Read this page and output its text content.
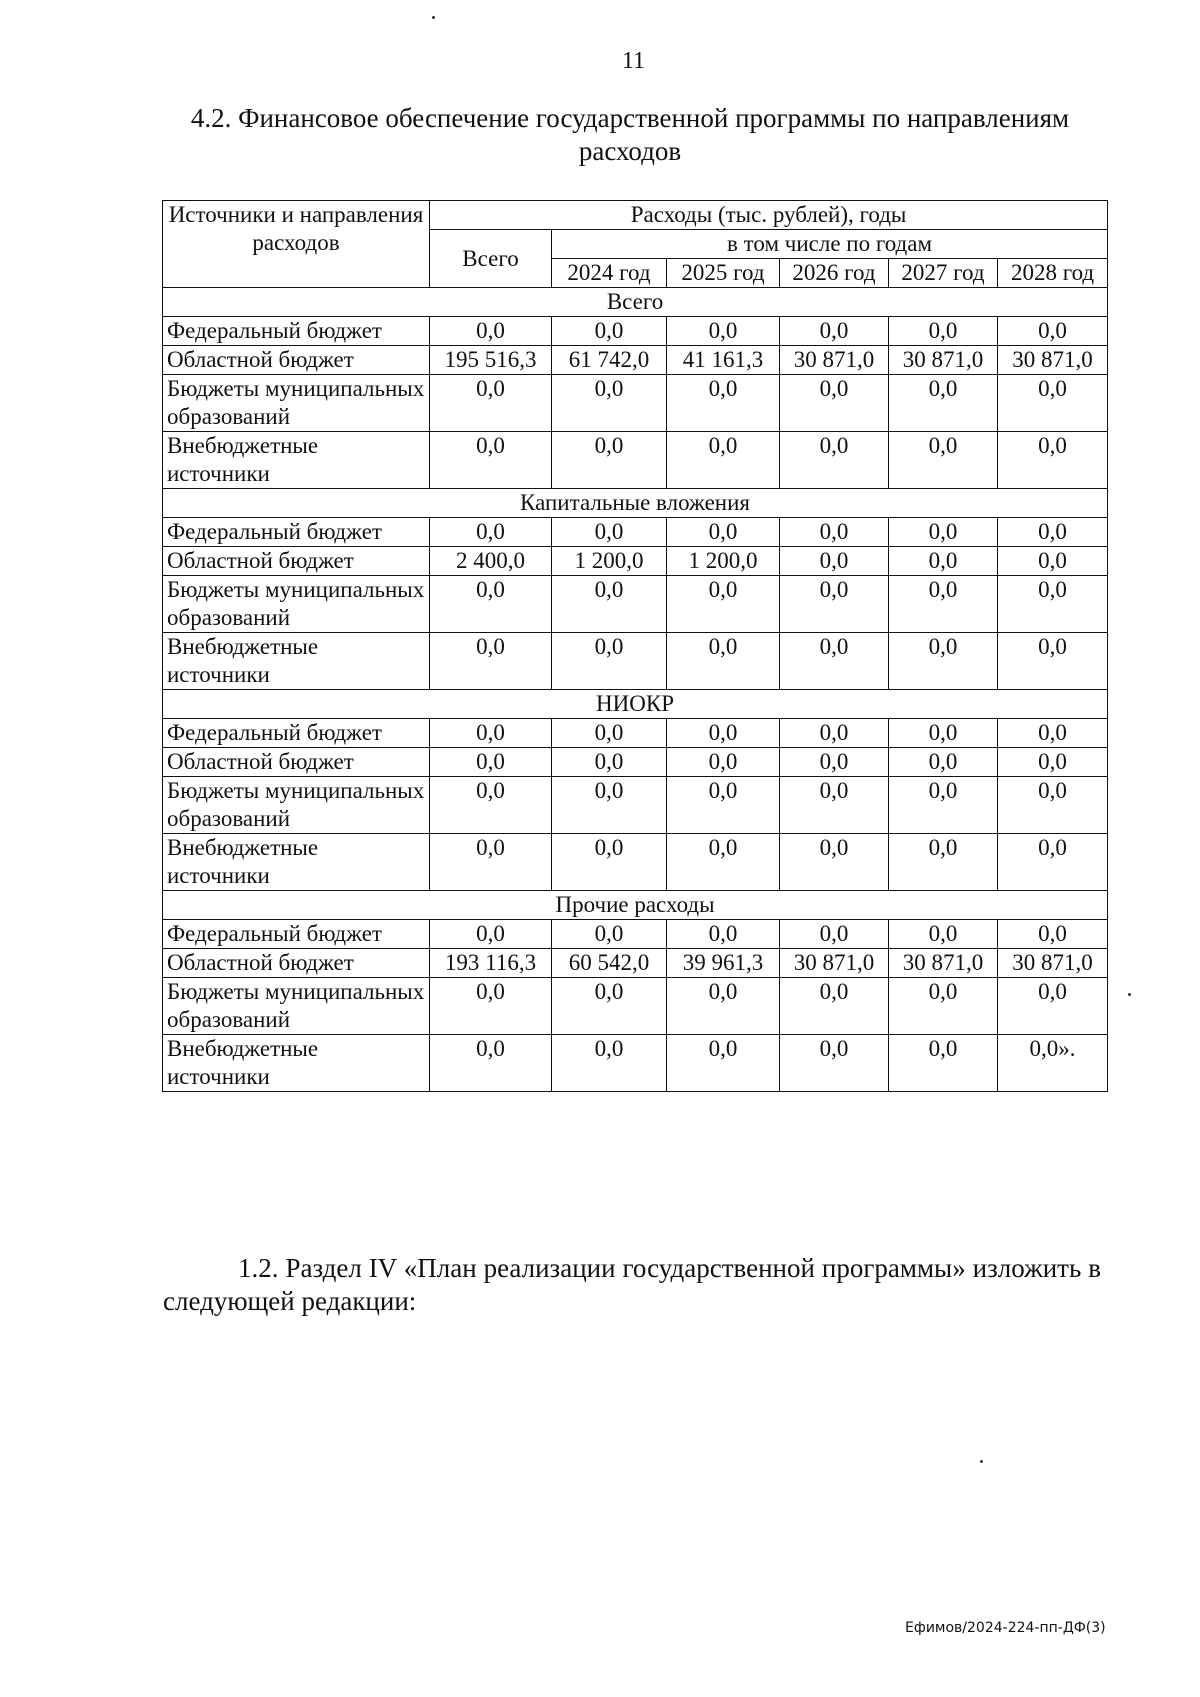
11
4.2. Финансовое обеспечение государственной программы по направлениям
расходов
Источники и направления расходов	Расходы (тыс. рублей), годы					
	Всего	в том числе по годам				
		2024 год	2025 год	2026 год	2027 год	2028 год
Всего						
Федеральный бюджет	0,0	0,0	0,0	0,0	0,0	0,0
Областной бюджет	195 516,3	61 742,0	41 161,3	30 871,0	30 871,0	30 871,0
Бюджеты муниципальных образований	0,0	0,0	0,0	0,0	0,0	0,0
Внебюджетные источники	0,0	0,0	0,0	0,0	0,0	0,0
Капитальные вложения						
Федеральный бюджет	0,0	0,0	0,0	0,0	0,0	0,0
Областной бюджет	2 400,0	1 200,0	1 200,0	0,0	0,0	0,0
Бюджеты муниципальных образований	0,0	0,0	0,0	0,0	0,0	0,0
Внебюджетные источники	0,0	0,0	0,0	0,0	0,0	0,0
НИОКР						
Федеральный бюджет	0,0	0,0	0,0	0,0	0,0	0,0
Областной бюджет	0,0	0,0	0,0	0,0	0,0	0,0
Бюджеты муниципальных образований	0,0	0,0	0,0	0,0	0,0	0,0
Внебюджетные источники	0,0	0,0	0,0	0,0	0,0	0,0
Прочие расходы						
Федеральный бюджет	0,0	0,0	0,0	0,0	0,0	0,0
Областной бюджет	193 116,3	60 542,0	39 961,3	30 871,0	30 871,0	30 871,0
Бюджеты муниципальных образований	0,0	0,0	0,0	0,0	0,0	0,0
Внебюджетные источники	0,0	0,0	0,0	0,0	0,0	0,0».
1.2. Раздел IV «План реализации государственной программы» изложить в следующей редакции:
Ефимов/2024-224-пп-ДФ(3)
